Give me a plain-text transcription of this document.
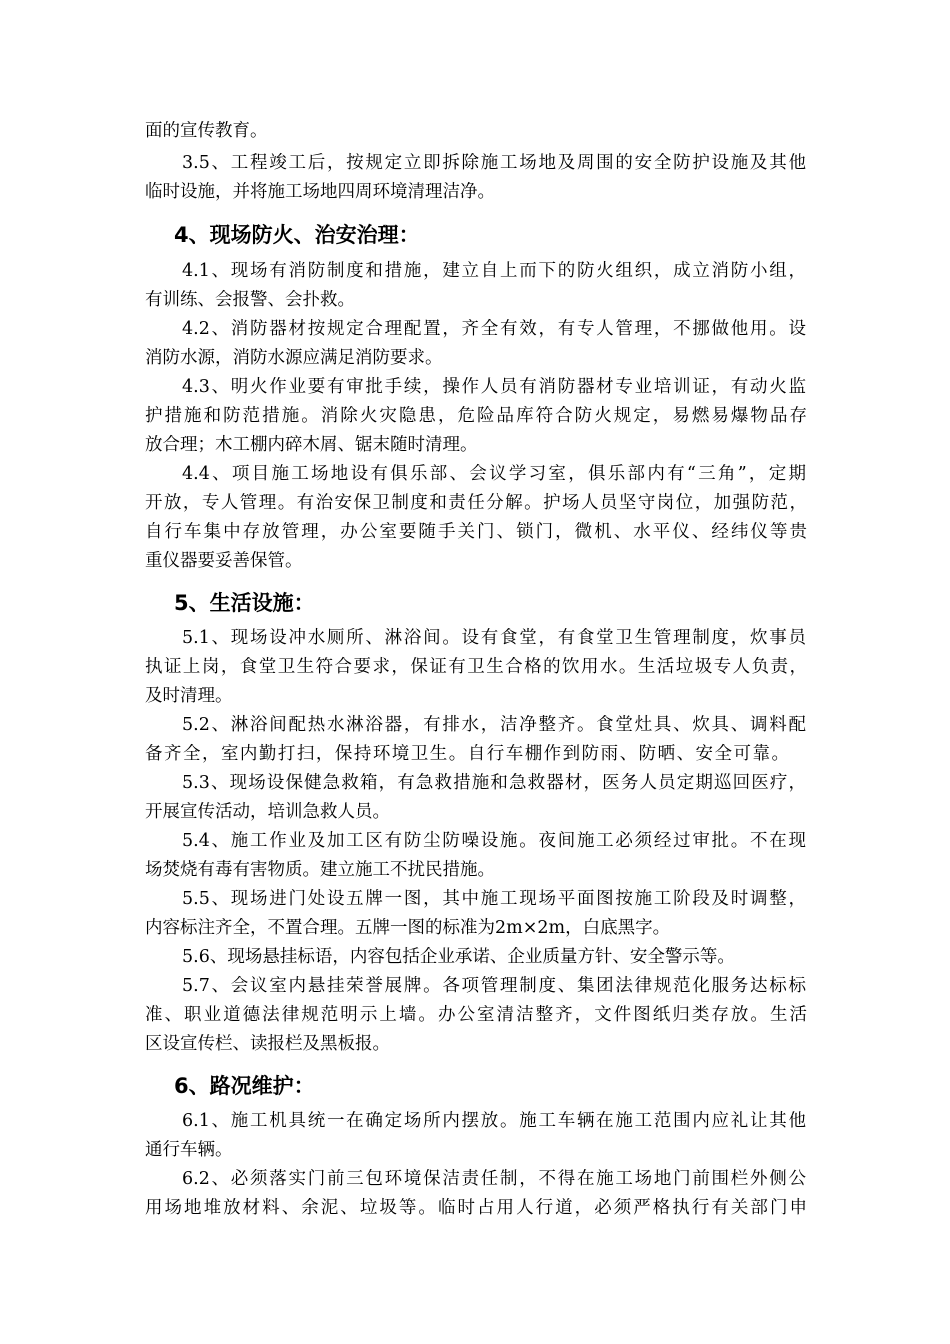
面的宣传教育。
3.5、工程竣工后，按规定立即拆除施工场地及周围的安全防护设施及其他
临时设施，并将施工场地四周环境清理洁净。
4、现场防火、治安治理：
4.1、现场有消防制度和措施，建立自上而下的防火组织，成立消防小组，
有训练、会报警、会扑救。
4.2、消防器材按规定合理配置，齐全有效，有专人管理，不挪做他用。设
消防水源，消防水源应满足消防要求。
4.3、明火作业要有审批手续，操作人员有消防器材专业培训证，有动火监
护措施和防范措施。消除火灾隐患，危险品库符合防火规定，易燃易爆物品存
放合理；木工棚内碎木屑、锯末随时清理。
4.4、项目施工场地设有俱乐部、会议学习室，俱乐部内有“三角”，定期
开放，专人管理。有治安保卫制度和责任分解。护场人员坚守岗位，加强防范，
自行车集中存放管理，办公室要随手关门、锁门，微机、水平仪、经纬仪等贵
重仪器要妥善保管。
5、生活设施：
5.1、现场设冲水厕所、淋浴间。设有食堂，有食堂卫生管理制度，炊事员
执证上岗，食堂卫生符合要求，保证有卫生合格的饮用水。生活垃圾专人负责，
及时清理。
5.2、淋浴间配热水淋浴器，有排水，洁净整齐。食堂灶具、炊具、调料配
备齐全，室内勤打扫，保持环境卫生。自行车棚作到防雨、防晒、安全可靠。
5.3、现场设保健急救箱，有急救措施和急救器材，医务人员定期巡回医疗，
开展宣传活动，培训急救人员。
5.4、施工作业及加工区有防尘防噪设施。夜间施工必须经过审批。不在现
场焚烧有毒有害物质。建立施工不扰民措施。
5.5、现场进门处设五牌一图，其中施工现场平面图按施工阶段及时调整，
内容标注齐全，不置合理。五牌一图的标准为2m×2m，白底黑字。
5.6、现场悬挂标语，内容包括企业承诺、企业质量方针、安全警示等。
5.7、会议室内悬挂荣誉展牌。各项管理制度、集团法律规范化服务达标标
准、职业道德法律规范明示上墙。办公室清洁整齐，文件图纸归类存放。生活
区设宣传栏、读报栏及黑板报。
6、路况维护：
6.1、施工机具统一在确定场所内摆放。施工车辆在施工范围内应礼让其他
通行车辆。
6.2、必须落实门前三包环境保洁责任制，不得在施工场地门前围栏外侧公
用场地堆放材料、余泥、垃圾等。临时占用人行道，必须严格执行有关部门申
